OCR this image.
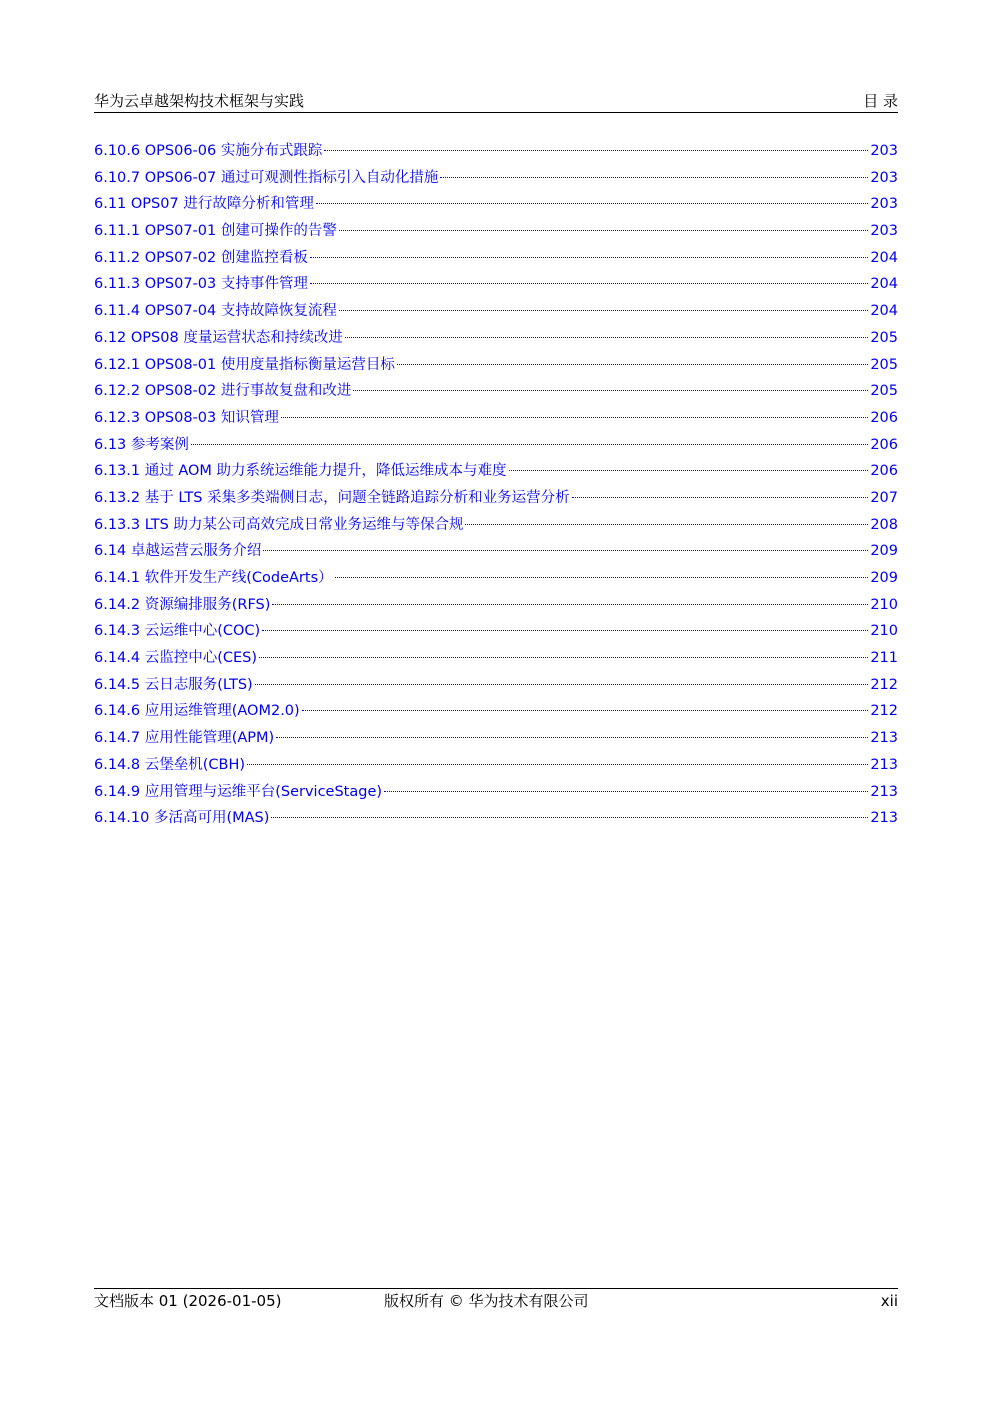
华为云卓越架构技术框架与实践	目 录
6.10.6 OPS06-06 实施分布式跟踪	203
6.10.7 OPS06-07 通过可观测性指标引入自动化措施	203
6.11 OPS07 进行故障分析和管理	203
6.11.1 OPS07-01 创建可操作的告警	203
6.11.2 OPS07-02 创建监控看板	204
6.11.3 OPS07-03 支持事件管理	204
6.11.4 OPS07-04 支持故障恢复流程	204
6.12 OPS08 度量运营状态和持续改进	205
6.12.1 OPS08-01 使用度量指标衡量运营目标	205
6.12.2 OPS08-02 进行事故复盘和改进	205
6.12.3 OPS08-03 知识管理	206
6.13 参考案例	206
6.13.1 通过 AOM 助力系统运维能力提升，降低运维成本与难度	206
6.13.2 基于 LTS 采集多类端侧日志，问题全链路追踪分析和业务运营分析	207
6.13.3 LTS 助力某公司高效完成日常业务运维与等保合规	208
6.14 卓越运营云服务介绍	209
6.14.1 软件开发生产线(CodeArts）	209
6.14.2 资源编排服务(RFS)	210
6.14.3 云运维中心(COC)	210
6.14.4 云监控中心(CES)	211
6.14.5 云日志服务(LTS)	212
6.14.6 应用运维管理(AOM2.0)	212
6.14.7 应用性能管理(APM)	213
6.14.8 云堡垒机(CBH)	213
6.14.9 应用管理与运维平台(ServiceStage)	213
6.14.10 多活高可用(MAS)	213
文档版本 01 (2026-01-05)	版权所有 © 华为技术有限公司	xii
